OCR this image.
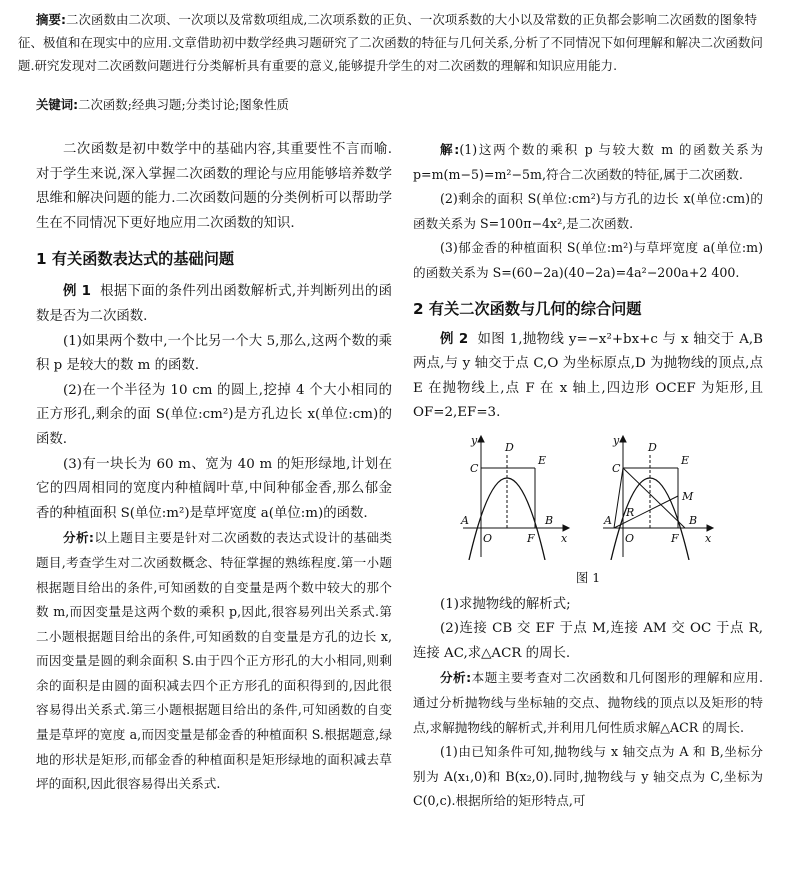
摘要:二次函数由二次项、一次项以及常数项组成,二次项系数的正负、一次项系数的大小以及常数的正负都会影响二次函数的图象特征、极值和在现实中的应用.文章借助初中数学经典习题研究了二次函数的特征与几何关系,分析了不同情况下如何理解和解决二次函数问题.研究发现对二次函数问题进行分类解析具有重要的意义,能够提升学生的对二次函数的理解和知识应用能力.
关键词:二次函数;经典习题;分类讨论;图象性质

二次函数是初中数学中的基础内容,其重要性不言而喻.对于学生来说,深入掌握二次函数的理论与应用能够培养数学思维和解决问题的能力.二次函数问题的分类例析可以帮助学生在不同情况下更好地应用二次函数的知识.

1 有关函数表达式的基础问题

例 1 根据下面的条件列出函数解析式,并判断列出的函数是否为二次函数.

(1)如果两个数中,一个比另一个大 5,那么,这两个数的乘积 p 是较大的数 m 的函数.

(2)在一个半径为 10 cm 的圆上,挖掉 4 个大小相同的正方形孔,剩余的面 S(单位:cm²)是方孔边长 x(单位:cm)的函数.

(3)有一块长为 60 m、宽为 40 m 的矩形绿地,计划在它的四周相同的宽度内种植阔叶草,中间种郁金香,那么郁金香的种植面积 S(单位:m²)是草坪宽度 a(单位:m)的函数.

分析:以上题目主要是针对二次函数的表达式设计的基础类题目,考查学生对二次函数概念、特征掌握的熟练程度.第一小题根据题目给出的条件,可知函数的自变量是两个数中较大的那个数 m,而因变量是这两个数的乘积 p,因此,很容易列出关系式.第二小题根据题目给出的条件,可知函数的自变量是方孔的边长 x,而因变量是圆的剩余面积 S.由于四个正方形孔的大小相同,则剩余的面积是由圆的面积减去四个正方形孔的面积得到的,因此很容易得出关系式.第三小题根据题目给出的条件,可知函数的自变量是草坪的宽度 a,而因变量是郁金香的种植面积 S.根据题意,绿地的形状是矩形,而郁金香的种植面积是矩形绿地的面积减去草坪的面积,因此很容易得出关系式.

解:(1)这两个数的乘积 p 与较大数 m 的函数关系为 p=m(m−5)=m²−5m,符合二次函数的特征,属于二次函数.

(2)剩余的面积 S(单位:cm²)与方孔的边长 x(单位:cm)的函数关系为 S=100π−4x²,是二次函数.

(3)郁金香的种植面积 S(单位:m²)与草坪宽度 a(单位:m)的函数关系为 S=(60−2a)(40−2a)=4a²−200a+2 400.

2 有关二次函数与几何的综合问题

例 2 如图 1,抛物线 y=−x²+bx+c 与 x 轴交于 A,B 两点,与 y 轴交于点 C,O 为坐标原点,D 为抛物线的顶点,点 E 在抛物线上,点 F 在 x 轴上,四边形 OCEF 为矩形,且 OF=2,EF=3.

y
x
O
A	B
C
D
E
F
y
x
O
A	B
C
D
E
F
M
R
图 1

(1)求抛物线的解析式;

(2)连接 CB 交 EF 于点 M,连接 AM 交 OC 于点 R,连接 AC,求△ACR 的周长.

分析:本题主要考查对二次函数和几何图形的理解和应用.通过分析抛物线与坐标轴的交点、抛物线的顶点以及矩形的特点,求解抛物线的解析式,并利用几何性质求解△ACR 的周长.

(1)由已知条件可知,抛物线与 x 轴交点为 A 和 B,坐标分别为 A(x₁,0)和 B(x₂,0).同时,抛物线与 y 轴交点为 C,坐标为 C(0,c).根据所给的矩形特点,可
